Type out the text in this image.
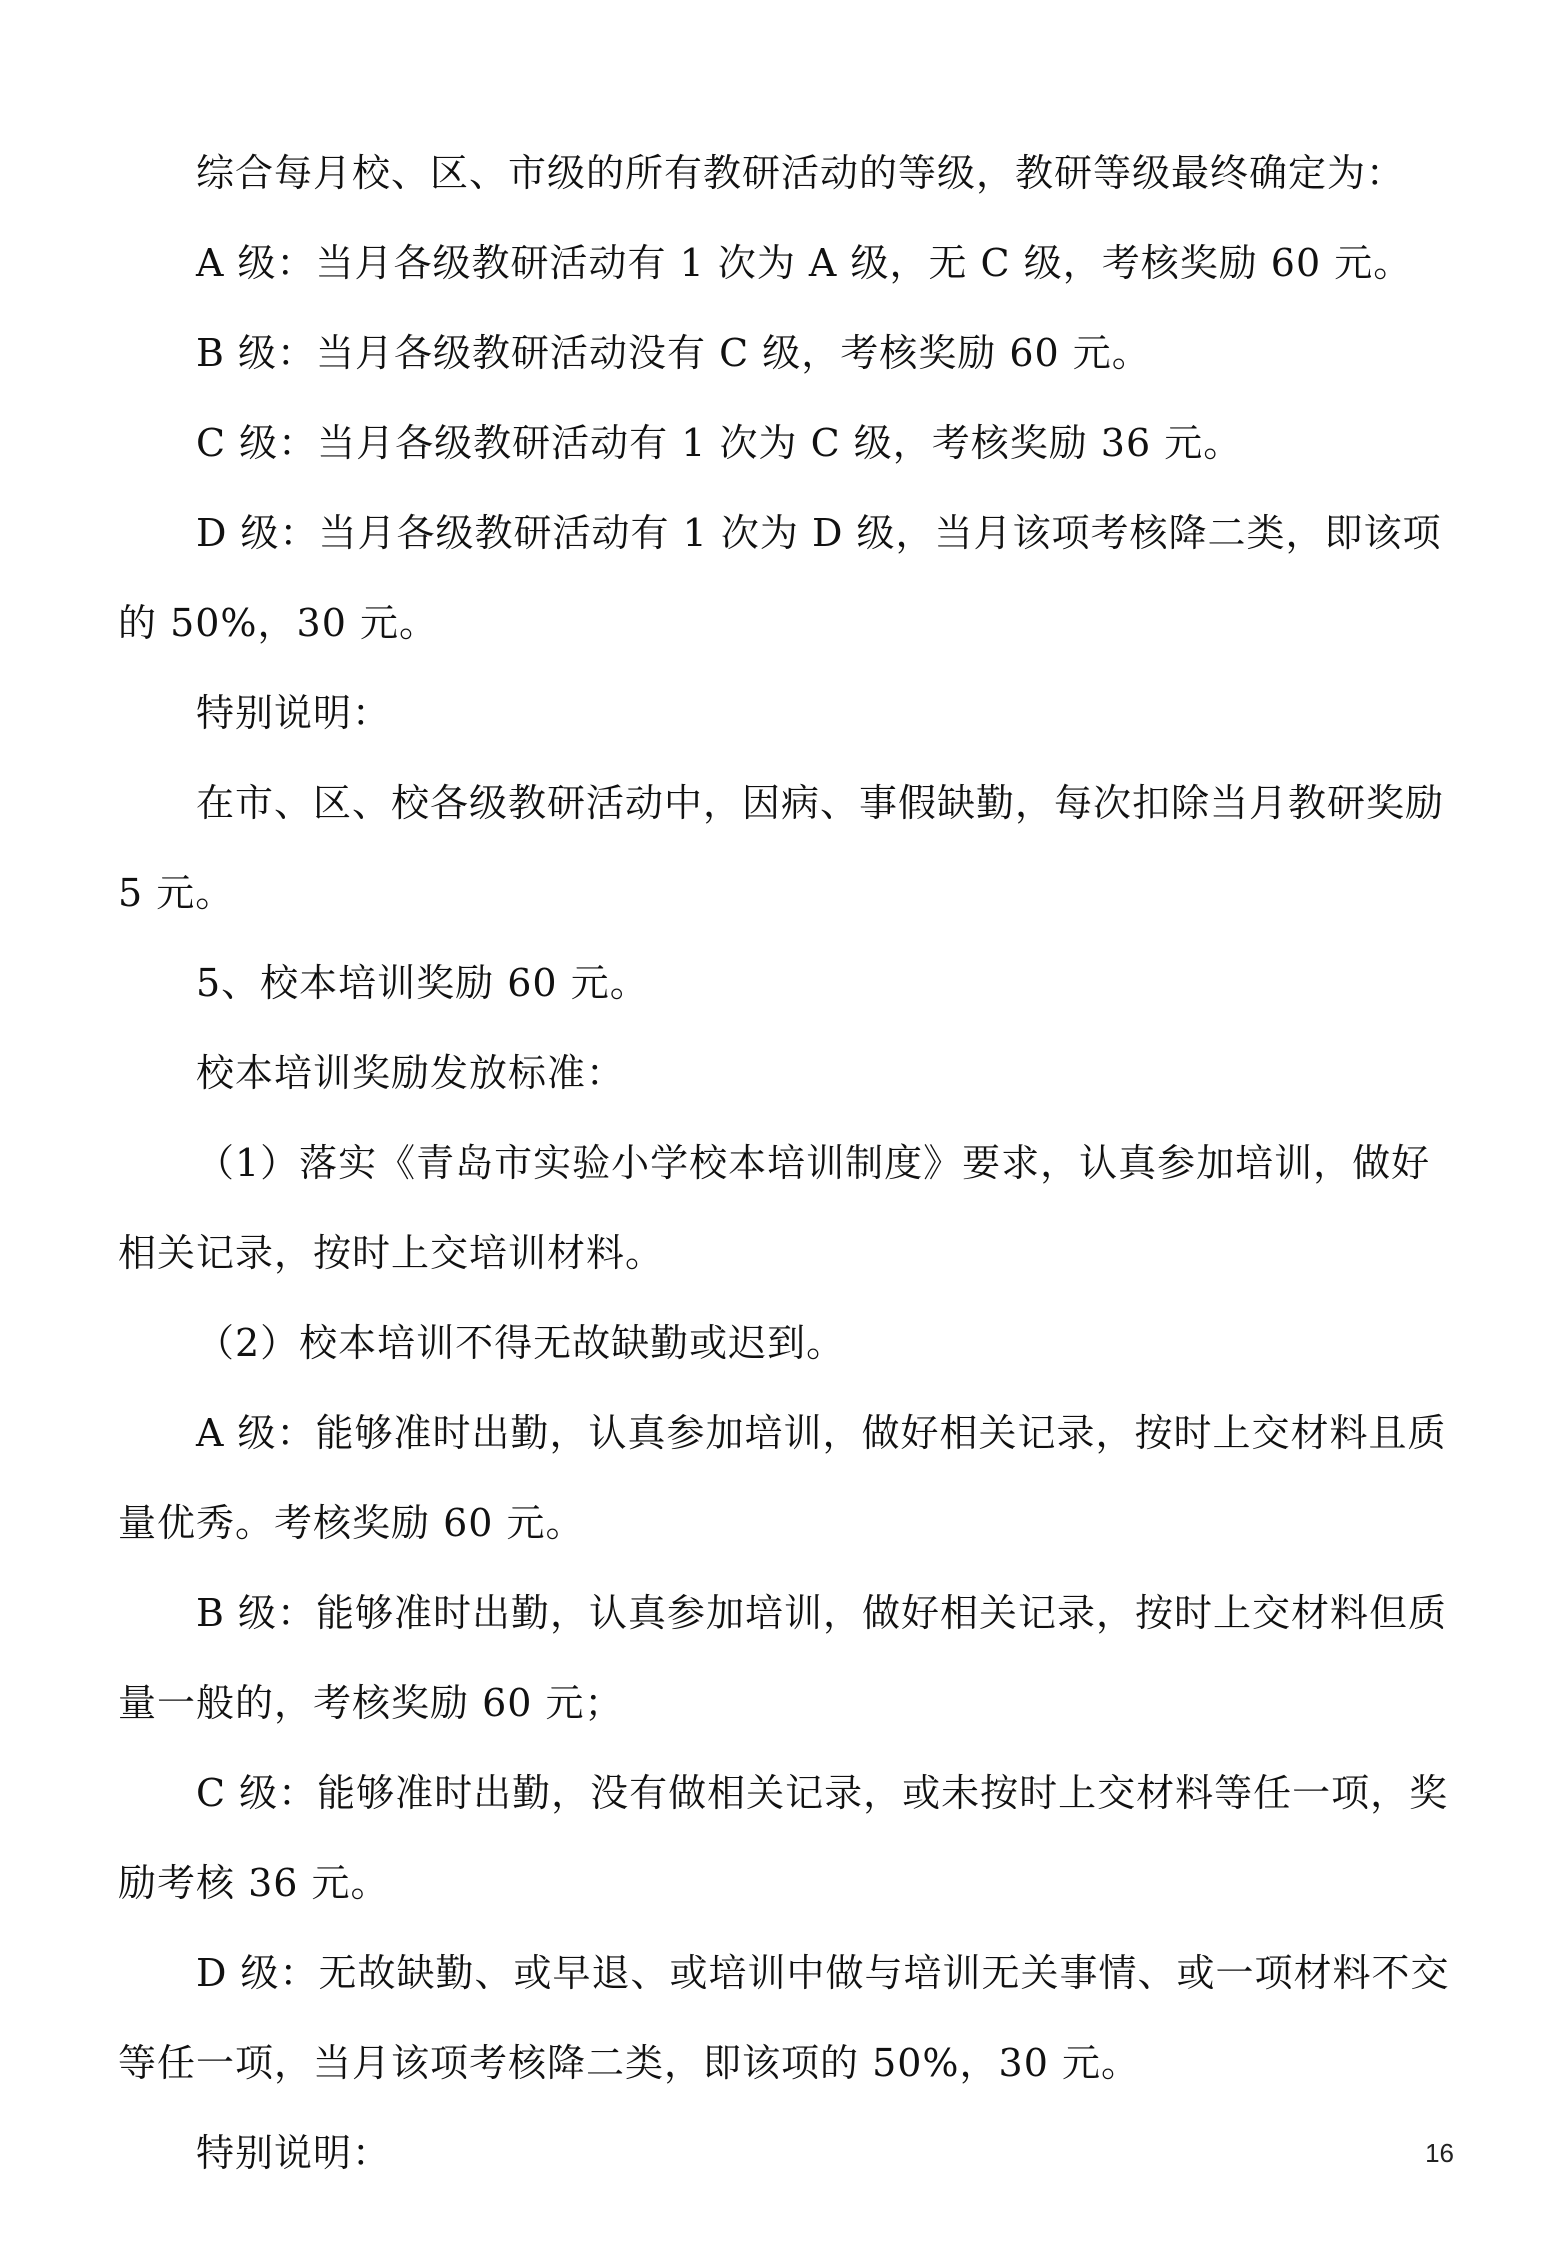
综合每月校、区、市级的所有教研活动的等级，教研等级最终确定为：

A 级：当月各级教研活动有 1 次为 A 级，无 C 级，考核奖励 60 元。

B 级：当月各级教研活动没有 C 级，考核奖励 60 元。

C 级：当月各级教研活动有 1 次为 C 级，考核奖励 36 元。

D 级：当月各级教研活动有 1 次为 D 级，当月该项考核降二类，即该项的 50%，30 元。

特别说明：

在市、区、校各级教研活动中，因病、事假缺勤，每次扣除当月教研奖励 5 元。

5、校本培训奖励 60 元。

校本培训奖励发放标准：

（1）落实《青岛市实验小学校本培训制度》要求，认真参加培训，做好相关记录，按时上交培训材料。

（2）校本培训不得无故缺勤或迟到。

A 级：能够准时出勤，认真参加培训，做好相关记录，按时上交材料且质量优秀。考核奖励 60 元。

B 级：能够准时出勤，认真参加培训，做好相关记录，按时上交材料但质量一般的，考核奖励 60 元；

C 级：能够准时出勤，没有做相关记录，或未按时上交材料等任一项，奖励考核 36 元。

D 级：无故缺勤、或早退、或培训中做与培训无关事情、或一项材料不交等任一项，当月该项考核降二类，即该项的 50%，30 元。

特别说明：	16
